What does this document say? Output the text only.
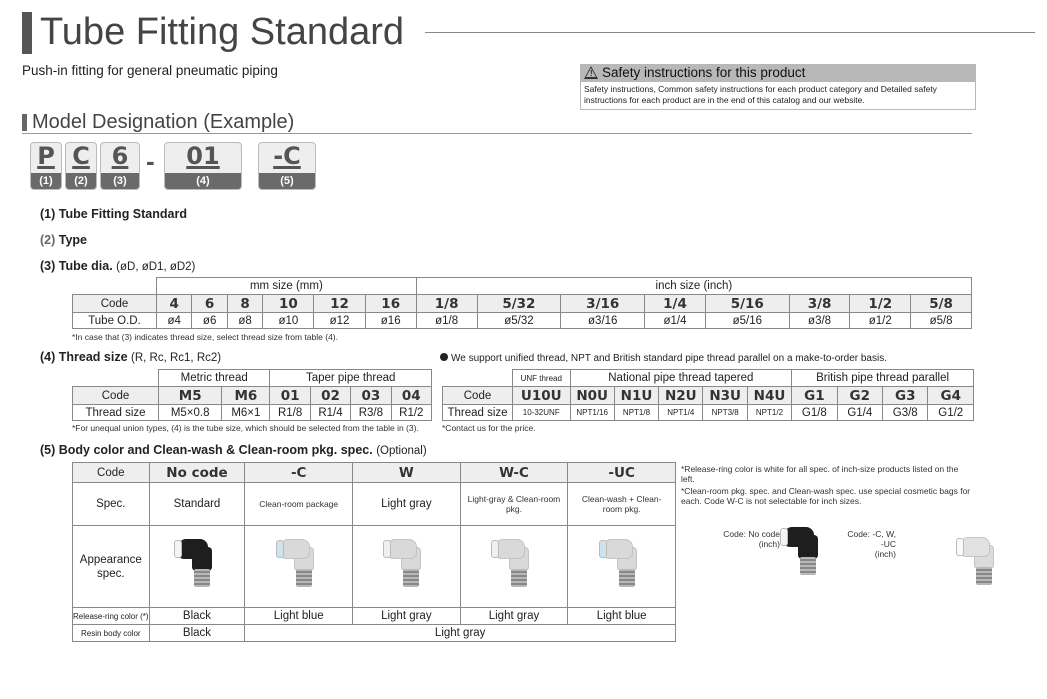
Tube Fitting Standard
Push-in fitting for general pneumatic piping	! Safety instructions for this product
Safety instructions, Common safety instructions for each product category and Detailed safety instructions for each product are in the end of this catalog and our website.
Model Designation (Example)
P
(1)
C
(2)
6
(3)
-	01
(4)
-C
(5)
(1) Tube Fitting Standard
(2) Type
(3) Tube dia. (øD, øD1, øD2)
	mm size (mm)						inch size (inch)							
Code	4	6	8	10	12	16	1/8	5/32	3/16	1/4	5/16	3/8	1/2	5/8
Tube O.D.	ø4	ø6	ø8	ø10	ø12	ø16	ø1/8	ø5/32	ø3/16	ø1/4	ø5/16	ø3/8	ø1/2	ø5/8
*In case that (3) indicates thread size, select thread size from table (4).
(4) Thread size (R, Rc, Rc1, Rc2)
	Metric thread		Taper pipe thread			
Code	M5	M6	01	02	03	04
Thread size	M5×0.8	M6×1	R1/8	R1/4	R3/8	R1/2
*For unequal union types, (4) is the tube size, which should be selected from the table in (3).
We support unified thread, NPT and British standard pipe thread parallel on a make-to-order basis.
	UNF thread	National pipe thread tapered					British pipe thread parallel			
Code	U10U	N0U	N1U	N2U	N3U	N4U	G1	G2	G3	G4
Thread size	10-32UNF	NPT1/16	NPT1/8	NPT1/4	NPT3/8	NPT1/2	G1/8	G1/4	G3/8	G1/2
*Contact us for the price.
(5) Body color and Clean-wash & Clean-room pkg. spec. (Optional)
Code	No code	-C	W	W-C	-UC
Spec.	Standard	Clean-room package	Light gray	Light-gray & Clean-room pkg.	Clean-wash + Clean-room pkg.
Appearance spec.	

Release-ring color (*)	Black	Light blue	Light gray	Light gray	Light blue
Resin body color	Black	Light gray			
*Release-ring color is white for all spec. of inch-size products listed on the left.
*Clean-room pkg. spec. and Clean-wash spec. use special cosmetic bags for each. Code W-C is not selectable for inch sizes.
Code: No code
(inch)

Code: -C, W,
-UC
(inch)
